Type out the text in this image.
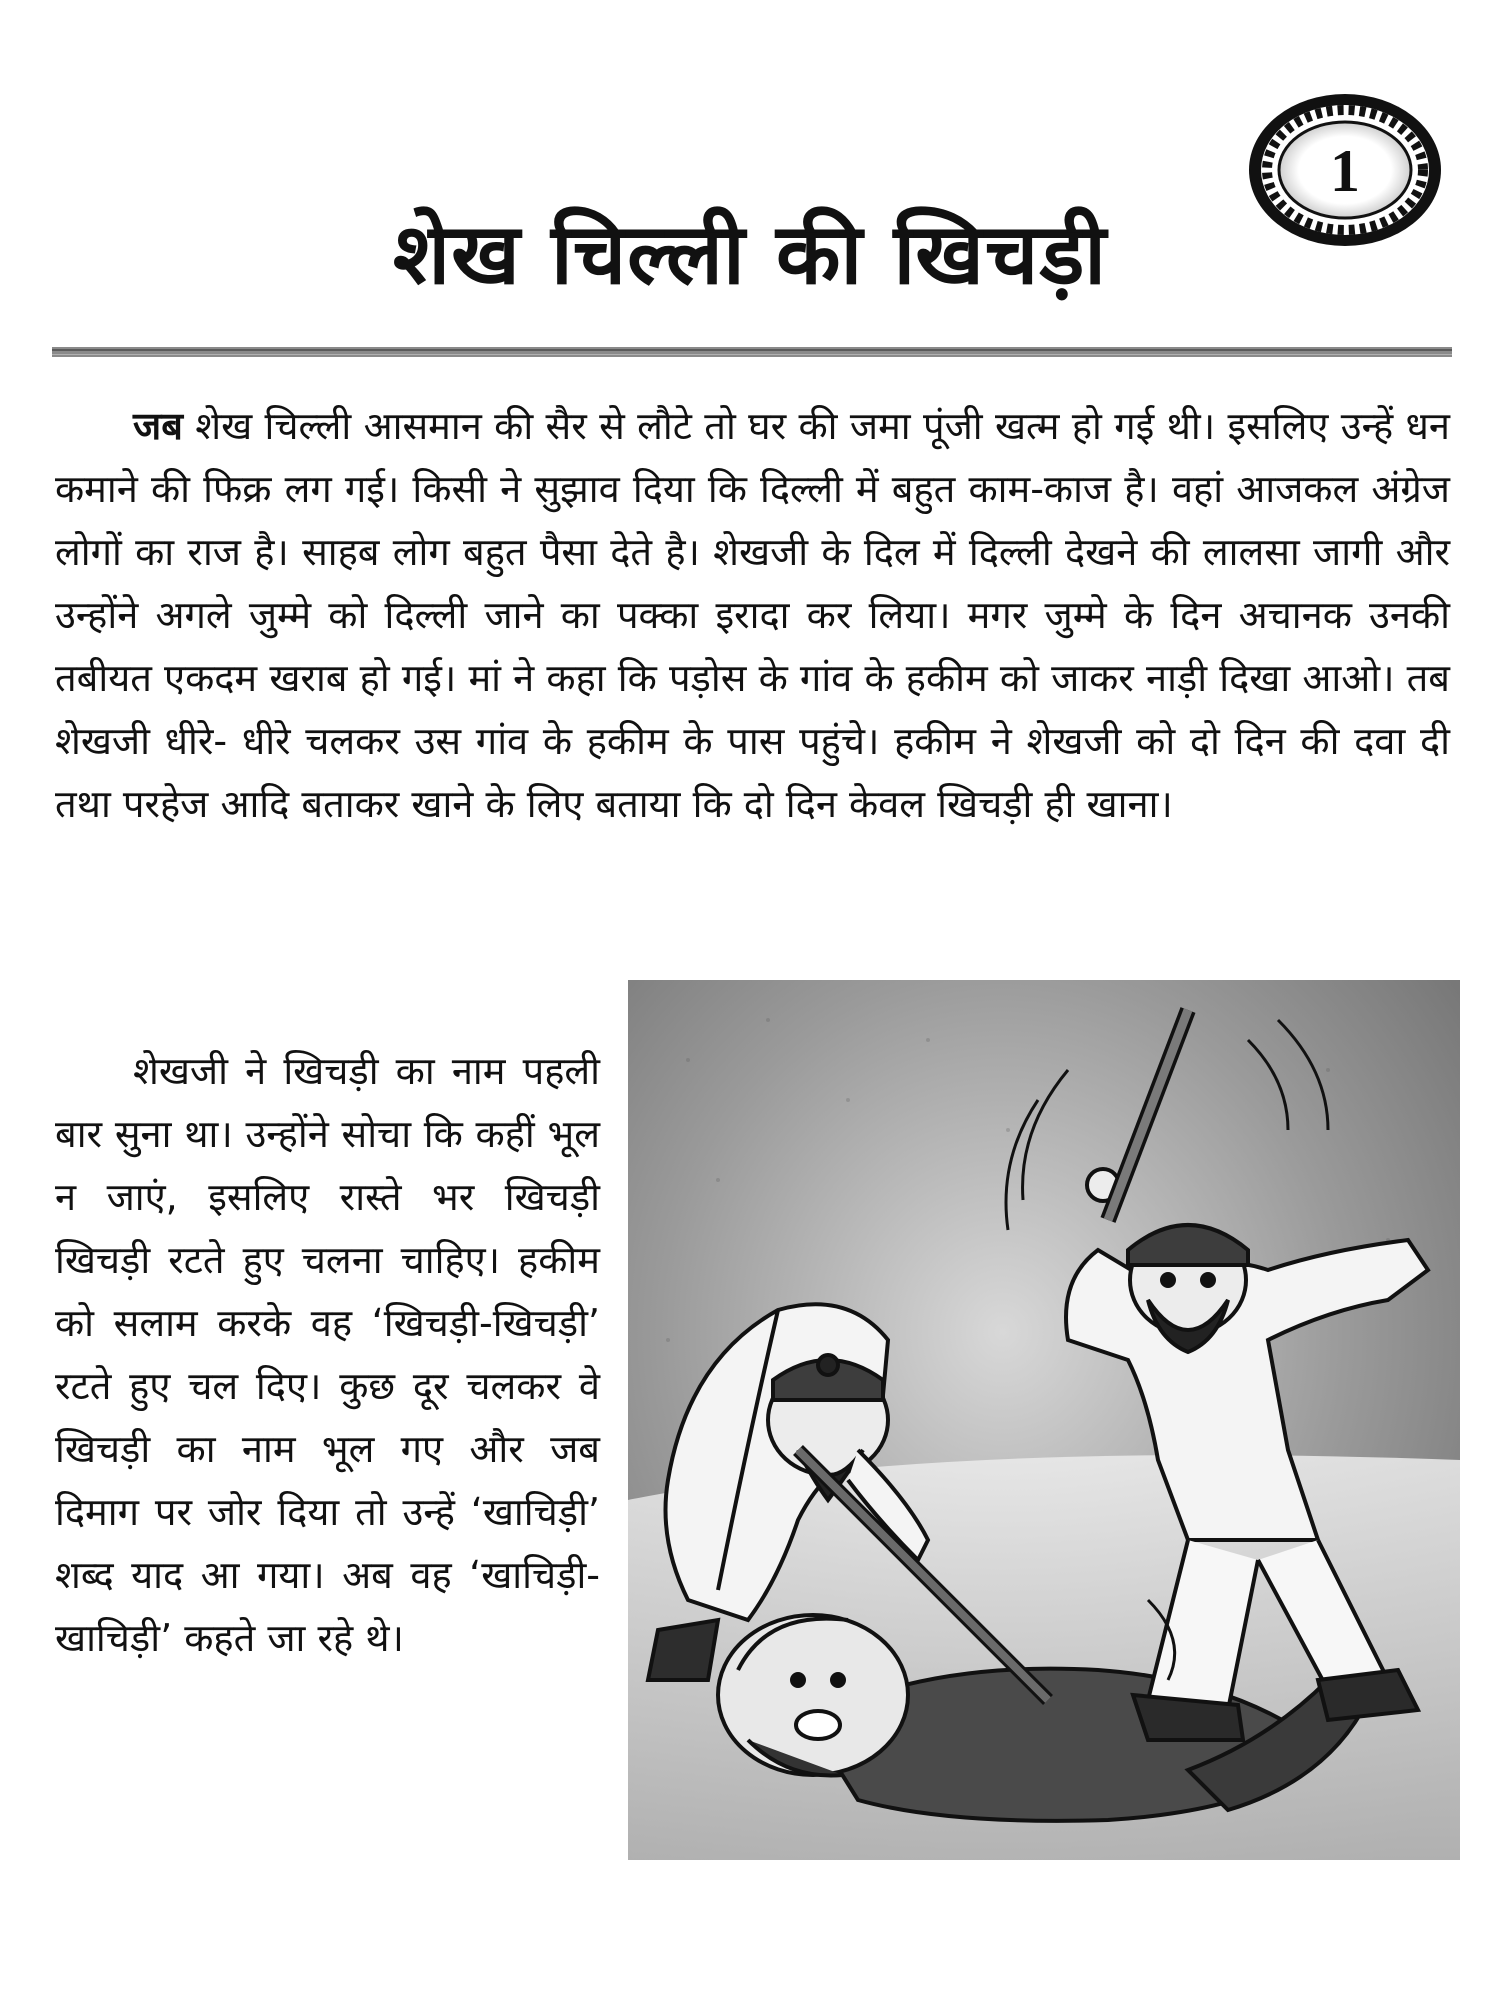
1
शेख चिल्ली की खिचड़ी

जब शेख चिल्ली आसमान की सैर से लौटे तो घर की जमा पूंजी खत्म हो गई थी। इसलिए उन्हें धन कमाने की फिक्र लग गई। किसी ने सुझाव दिया कि दिल्ली में बहुत काम-काज है। वहां आजकल अंग्रेज लोगों का राज है। साहब लोग बहुत पैसा देते है। शेखजी के दिल में दिल्ली देखने की लालसा जागी और उन्होंने अगले जुम्मे को दिल्ली जाने का पक्का इरादा कर लिया। मगर जुम्मे के दिन अचानक उनकी तबीयत एकदम खराब हो गई। मां ने कहा कि पड़ोस के गांव के हकीम को जाकर नाड़ी दिखा आओ। तब शेखजी धीरे- धीरे चलकर उस गांव के हकीम के पास पहुंचे। हकीम ने शेखजी को दो दिन की दवा दी तथा परहेज आदि बताकर खाने के लिए बताया कि दो दिन केवल खिचड़ी ही खाना।

शेखजी ने खिचड़ी का नाम पहली बार सुना था। उन्होंने सोचा कि कहीं भूल न जाएं, इसलिए रास्ते भर खिचड़ी खिचड़ी रटते हुए चलना चाहिए। हकीम को सलाम करके वह ‘खिचड़ी-खिचड़ी’ रटते हुए चल दिए। कुछ दूर चलकर वे खिचड़ी का नाम भूल गए और जब दिमाग पर जोर दिया तो उन्हें ‘खाचिड़ी’ शब्द याद आ गया। अब वह ‘खाचिड़ी- खाचिड़ी’ कहते जा रहे थे।
